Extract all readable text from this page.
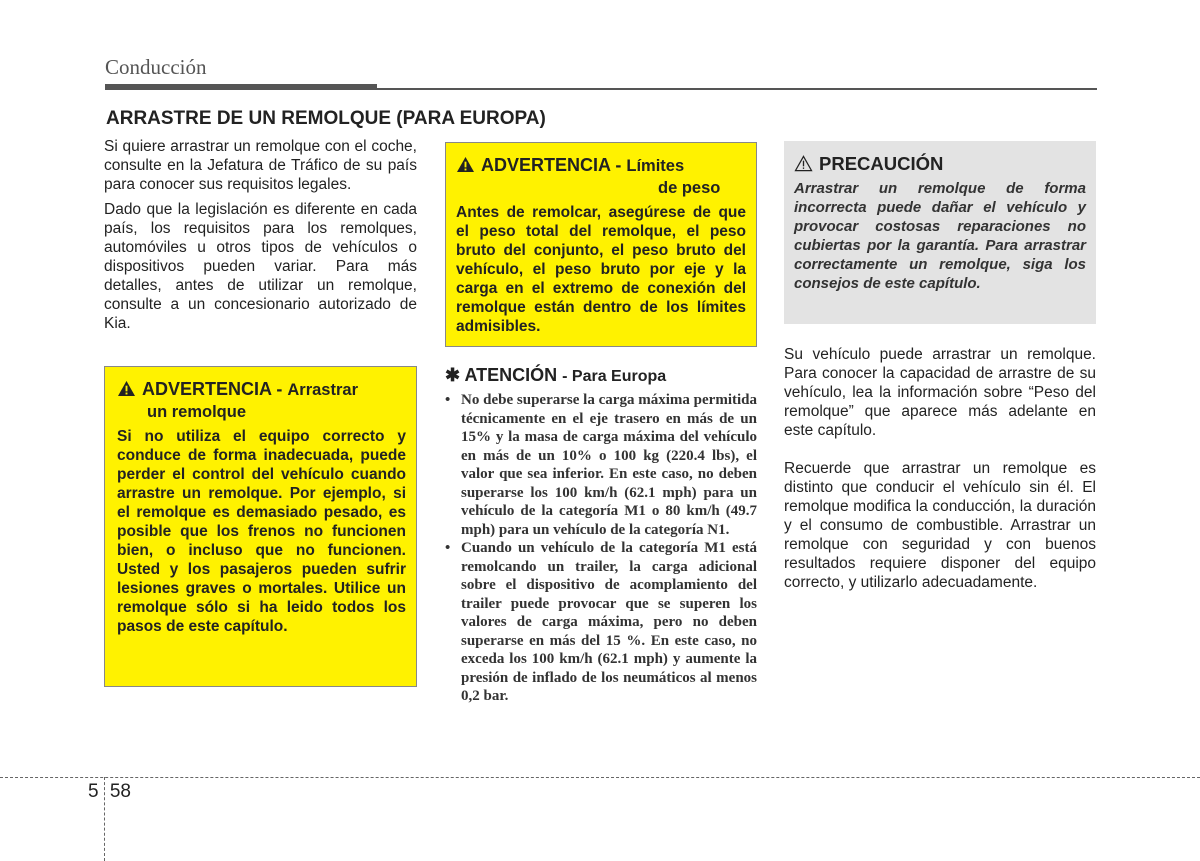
Conducción
ARRASTRE DE UN REMOLQUE (PARA EUROPA)

Si quiere arrastrar un remolque con el coche, consulte en la Jefatura de Tráfico de su país para conocer sus requisitos legales.

Dado que la legislación es diferente en cada país, los requisitos para los remolques, automóviles u otros tipos de vehículos o dispositivos pueden variar. Para más detalles, antes de utilizar un remolque, consulte a un concesionario autorizado de Kia.

ADVERTENCIA - Arrastrar
un remolque
Si no utiliza el equipo correcto y conduce de forma inadecuada, puede perder el control del vehículo cuando arrastre un remolque. Por ejemplo, si el remolque es demasiado pesado, es posible que los frenos no funcionen bien, o incluso que no funcionen. Usted y los pasajeros pueden sufrir lesiones graves o mortales. Utilice un remolque sólo si ha leido todos los pasos de este capítulo.
ADVERTENCIA - Límites
de peso
Antes de remolcar, asegúrese de que el peso total del remolque, el peso bruto del conjunto, el peso bruto del vehículo, el peso bruto por eje y la carga en el extremo de conexión del remolque están dentro de los límites admisibles.
✱ ATENCIÓN - Para Europa
• No debe superarse la carga máxima permitida técnicamente en el eje trasero en más de un 15% y la masa de carga máxima del vehículo en más de un 10% o 100 kg (220.4 lbs), el valor que sea inferior. En este caso, no deben superarse los 100 km/h (62.1 mph) para un vehículo de la categoría M1 o 80 km/h (49.7 mph) para un vehículo de la categoría N1.
• Cuando un vehículo de la categoría M1 está remolcando un trailer, la carga adicional sobre el dispositivo de acomplamiento del trailer puede provocar que se superen los valores de carga máxima, pero no deben superarse en más del 15 %. En este caso, no exceda los 100 km/h (62.1 mph) y aumente la presión de inflado de los neumáticos al menos 0,2 bar.
PRECAUCIÓN
Arrastrar un remolque de forma incorrecta puede dañar el vehículo y provocar costosas reparaciones no cubiertas por la garantía. Para arrastrar correctamente un remolque, siga los consejos de este capítulo.

Su vehículo puede arrastrar un remolque. Para conocer la capacidad de arrastre de su vehículo, lea la información sobre “Peso del remolque” que aparece más adelante en este capítulo.

Recuerde que arrastrar un remolque es distinto que conducir el vehículo sin él. El remolque modifica la conducción, la duración y el consumo de combustible. Arrastrar un remolque con seguridad y con buenos resultados requiere disponer del equipo correcto, y utilizarlo adecuadamente.

5 58
